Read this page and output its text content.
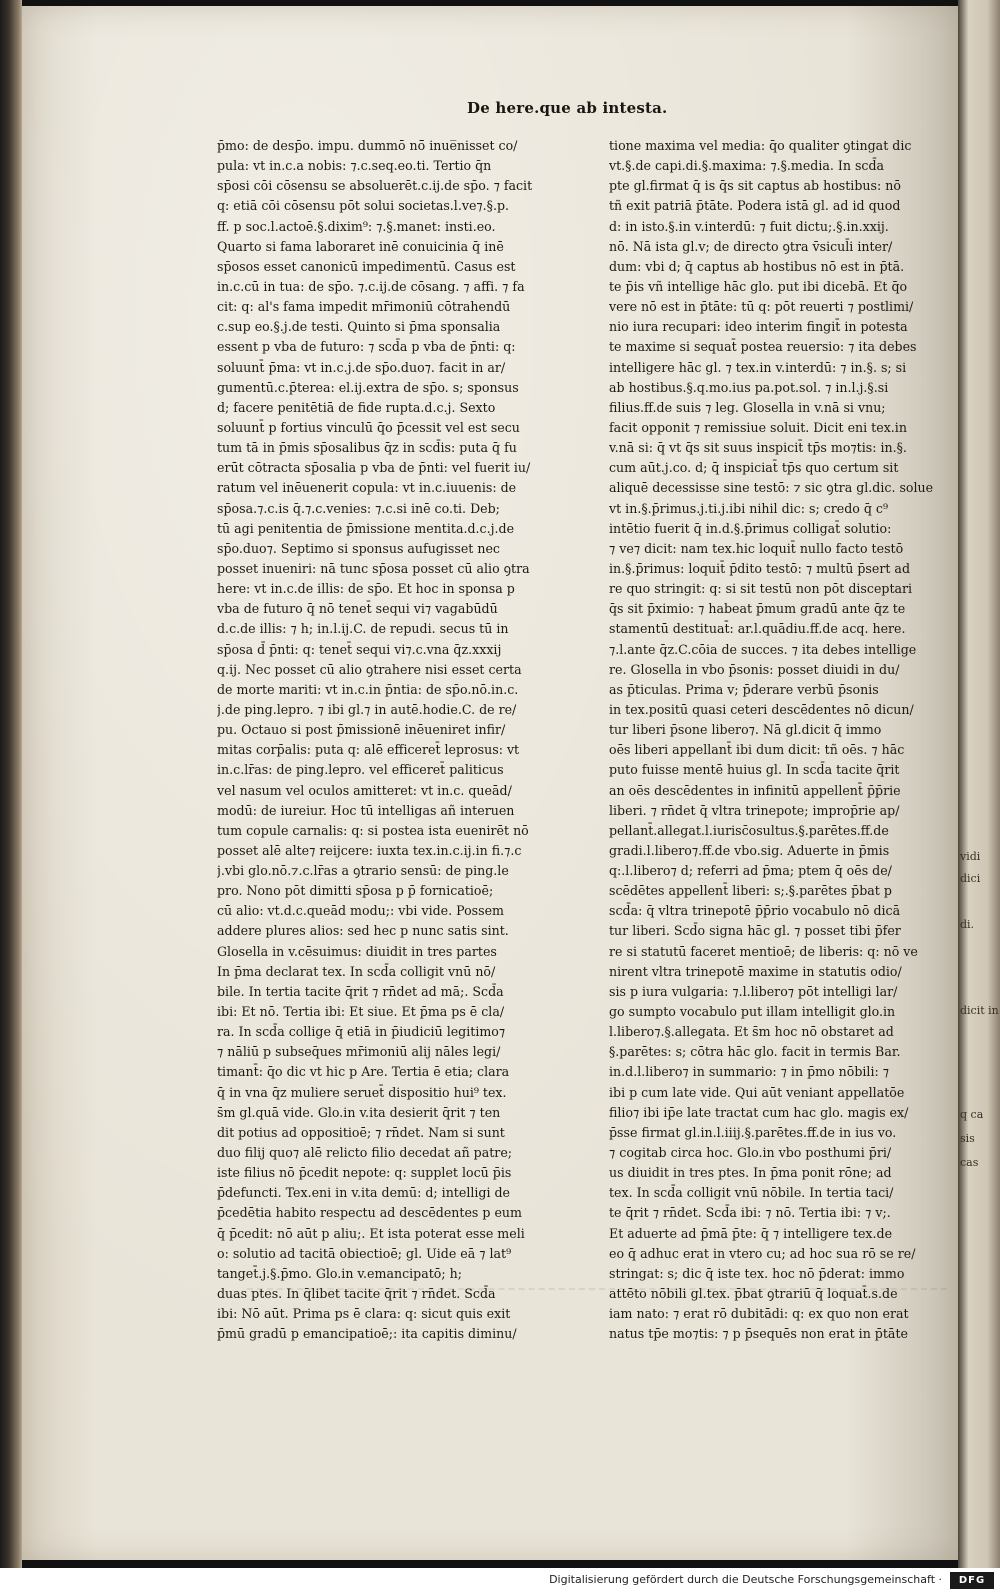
De here.que ab intesta.
p̄mo: de desp̄o. impu. dummō nō̄ inue̅nisset co/
pula: vt in.c.a nobis: ⁊.c.seq.eo.ti. Tertio q̄n
sp̄osi cōi cōsensu se absoluerēt.c.ij.de sp̄o. ⁊ facit
q: etiā cōi cōsensu pōt solui societas.l.ve⁊.§.p.
ff. p soc.l.actoē.§.dixim⁹: ⁊.§.manet: insti.eo.
Quarto si fama laboraret inē conuicinia q̄ inē
sp̄osos esset canonicū impedimentū. Casus est
in.c.cū in tua: de sp̄o. ⁊.c.ij.de cōsang. ⁊ affi. ⁊ fa
cit: q: al's fama impedit mr̄imoniū cōtrahendū
c.sup eo.§.j.de testi. Quinto si p̄ma sponsalia
essent p vba de futuro: ⁊ scd̄a p vba de p̄nti: q:
soluunt̄ p̄ma: vt in.c.j.de sp̄o.duo⁊. facit in ar/
gumentū.c.p̄terea: el.ij.extra de sp̄o. s; sponsus
d; facere penitētiā de fide rupta.d.c.j. Sexto
soluunt̄ p fortius vinculū q̄o p̄cessit vel est secu
tum tā in p̄mis sp̄osalibus q̄z in scd̄is: puta q̄ fu
erūt cōtracta sp̄osalia p vba de p̄nti: vel fuerit iu/
ratum vel inēuenerit copula: vt in.c.iuuenis: de
sp̄osa.⁊.c.is q̄.⁊.c.venies: ⁊.c.si inē co.ti. Deb;
tū agi penitentia de p̄missione mentita.d.c.j.de
sp̄o.duo⁊. Septimo si sponsus aufugisset nec
posset inueniri: nā tunc sp̄osa posset cū alio ꝯtra
here: vt in.c.de illis: de sp̄o. Et hoc in sponsa p
vba de futuro q̄ nō tenet̄ sequi vi⁊ vagabūdū
d.c.de illis: ⁊ h; in.l.ij.C. de repudi. secus tū in
sp̄osa d̄ p̄nti: q: tenet̄ sequi vi⁊.c.vna q̄z.xxxij
q.ij. Nec posset cū alio ꝯtrahere nisi esset certa
de morte mariti: vt in.c.in p̄ntia: de sp̄o.nō.in.c.
j.de ping.lepro. ⁊ ibi gl.⁊ in autē.hodie.C. de re/
pu. Octauo si post p̄missionē inēueniret infir/
mitas corp̄alis: puta q: alē efficeret̄ leprosus: vt
in.c.lr̄as: de ping.lepro. vel efficeret̄ paliticus
vel nasum vel oculos amitteret: vt in.c. queād/
modū: de iureiur. Hoc tū intelligas añ interuen
tum copule carnalis: q: si postea ista euenirēt nō
posset alē alte⁊ reijcere: iuxta tex.in.c.ij.in fi.⁊.c
j.vbi glo.nō.⁊.c.lr̄as a ꝯtrario sensū: de ping.le
pro. Nono pōt dimitti sp̄osa p p̄ fornicatioē;
cū alio: vt.d.c.queād modu;: vbi vide. Possem
addere plures alios: sed hec p nunc satis sint.
Glosella in v.cēsuimus: diuidit in tres partes
In p̄ma declarat tex. In scd̄a colligit vnū nō/
bile. In tertia tacite q̄rit ⁊ rn̄det ad mā;. Scd̄a
ibi: Et nō. Tertia ibi: Et siue. Et p̄ma ps ē cla/
ra. In scd̄a collige q̄ etiā in p̄iudiciū legitimo⁊
⁊ nāliū p subseq̄ues mr̄imoniū alij nāles legi/
timant̄: q̄o dic vt hic p Are. Tertia ē etia; clara
q̄ in vna q̄z muliere seruet̄ dispositio hui⁹ tex.
s̄m gl.quā vide. Glo.in v.ita desierit q̄rit ⁊ ten
dit potius ad oppositioē; ⁊ rn̄det. Nam si sunt
duo filij quo⁊ alē relicto filio decedat añ patre;
iste filius nō p̄cedit nepote: q: supplet locū p̄is
p̄defuncti. Tex.eni in v.ita demū: d; intelligi de
p̄cedētia habito respectu ad descēdentes p eum
q̄ p̄cedit: nō aūt p aliu;. Et ista poterat esse meli
o: solutio ad tacitā obiectioē; gl. Uide eā ⁊ lat⁹
tanget̄.j.§.p̄mo. Glo.in v.emancipatō; h;
duas ptes. In q̄libet tacite q̄rit ⁊ rn̄det. Scd̄a
ibi: Nō aūt. Prima ps ē clara: q: sicut quis exit
p̄mū gradū p emancipatioē;: ita capitis diminu/
tione maxima vel media: q̄o qualiter ꝯtingat dic
vt.§.de capi.di.§.maxima: ⁊.§.media. In scd̄a
pte gl.firmat q̄ is q̄s sit captus ab hostibus: nō
tñ exit patriā p̄tāte. Podera istā gl. ad id quod
d: in isto.§.in v.interdū: ⁊ fuit dictu;.§.in.xxij.
nō. Nā ista gl.v; de directo ꝯtra v̄sicul̄i inter/
dum: vbi d; q̄ captus ab hostibus nō est in p̄tā.
te p̄is vñ intellige hāc glo. put ibi dicebā. Et q̄o
vere nō est in p̄tāte: tū q: pōt reuerti ⁊ postlimi/
nio iura recupari: ideo interim fingit̄ in potesta
te maxime si sequat̄ postea reuersio: ⁊ ita debes
intelligere hāc gl. ⁊ tex.in v.interdū: ⁊ in.§. s; si
ab hostibus.§.q.mo.ius pa.pot.sol. ⁊ in.l.j.§.si
filius.ff.de suis ⁊ leg. Glosella in v.nā si vnu;
facit opponit ⁊ remissiue soluit. Dicit eni tex.in
v.nā si: q̄ vt q̄s sit suus inspicit̄ tp̄s mo⁊tis: in.§.
cum aūt.j.co. d; q̄ inspiciat̄ tp̄s quo certum sit
aliquē decessisse sine testō: ⁊ sic ꝯtra gl.dic. solue
vt in.§.p̄rimus.j.ti.j.ibi nihil dic: s; credo q̄ c⁹
intētio fuerit q̄ in.d.§.p̄rimus colligat̄ solutio:
⁊ ve⁊ dicit: nam tex.hic loquit̄ nullo facto testō
in.§.p̄rimus: loquit̄ p̄dito testō: ⁊ multū p̄sert ad
re quo stringit: q: si sit testū non pōt disceptari
q̄s sit p̄ximio: ⁊ habeat p̄mum gradū ante q̄z te
stamentū destituat̄: ar.l.quādiu.ff.de acq. here.
⁊.l.ante q̄z.C.cōia de succes. ⁊ ita debes intellige
re. Glosella in vbo p̄sonis: posset diuidi in du/
as p̄ticulas. Prima v; p̄derare verbū p̄sonis
in tex.positū quasi ceteri descēdentes nō dicun/
tur liberi p̄sone libero⁊. Nā gl.dicit q̄ immo
oēs liberi appellant̄ ibi dum dicit: tñ oēs. ⁊ hāc
puto fuisse mentē huius gl. In scd̄a tacite q̄rit
an oēs descēdentes in infinitū appellent̄ p̄p̄rie
liberi. ⁊ rn̄det q̄ vltra trinepote; improp̄rie ap/
pellant̄.allegat.l.iurisc̄osultus.§.parētes.ff.de
gradi.l.libero⁊.ff.de vbo.sig. Aduerte in p̄mis
q:.l.libero⁊ d; referri ad p̄ma; ptem q̄ oēs de/
scēdētes appellent̄ liberi: s;.§.parētes p̄bat p
scd̄a: q̄ vltra trinepotē p̄p̄rio vocabulo nō dicā
tur liberi. Scd̄o signa hāc gl. ⁊ posset tibi p̄fer
re si statutū faceret mentioē; de liberis: q: nō ve
nirent vltra trinepotē maxime in statutis odio/
sis p iura vulgaria: ⁊.l.libero⁊ pōt intelligi lar/
go sumpto vocabulo put illam intelligit glo.in
l.libero⁊.§.allegata. Et s̄m hoc nō obstaret ad
§.parētes: s; cōtra hāc glo. facit in termis Bar.
in.d.l.libero⁊ in summario: ⁊ in p̄mo nōbili: ⁊
ibi p cum late vide. Qui aūt veniant appellatōe
filio⁊ ibi ip̄e late tractat cum hac glo. magis ex/
p̄sse firmat gl.in.l.iiij.§.parētes.ff.de in ius vo.
⁊ cogitab circa hoc. Glo.in vbo posthumi p̄ri/
us diuidit in tres ptes. In p̄ma ponit rōne; ad
tex. In scd̄a colligit vnū nōbile. In tertia taci/
te q̄rit ⁊ rn̄det. Scd̄a ibi: ⁊ nō. Tertia ibi: ⁊ v;.
Et aduerte ad p̄mā p̄te: q̄ ⁊ intelligere tex.de
eo q̄ adhuc erat in vtero cu; ad hoc sua rō se re/
stringat: s; dic q̄ iste tex. hoc nō p̄derat: immo
attēto nōbili gl.tex. p̄bat ꝯtrariū q̄ loquat̄.s.de
iam nato: ⁊ erat rō dubitādi: q: ex quo non erat
natus tp̄e mo⁊tis: ⁊ p p̄sequēs non erat in p̄tāte
vidi
dici
di.
dicit in
q ca
sis
cas
Digitalisierung gefördert durch die Deutsche Forschungsgemeinschaft ·	DFG
